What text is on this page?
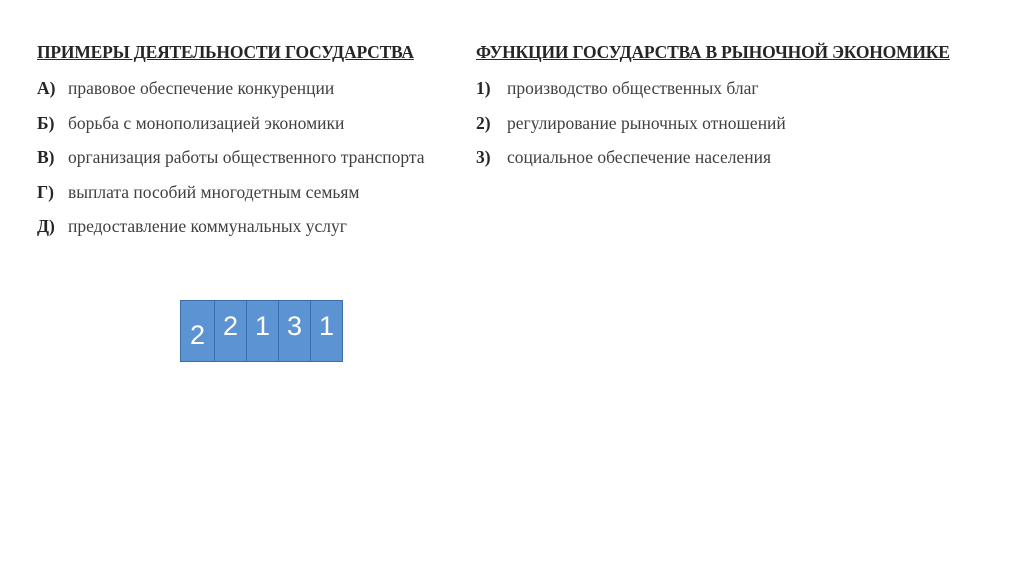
ПРИМЕРЫ ДЕЯТЕЛЬНОСТИ ГОСУДАРСТВА
А) правовое обеспечение конкуренции
Б) борьба с монополизацией экономики
В) организация работы общественного транспорта
Г) выплата пособий многодетным семьям
Д) предоставление коммунальных услуг
ФУНКЦИИ ГОСУДАРСТВА В РЫНОЧНОЙ ЭКОНОМИКЕ
1) производство общественных благ
2) регулирование рыночных отношений
3) социальное обеспечение населения
2 2 1 3 1
